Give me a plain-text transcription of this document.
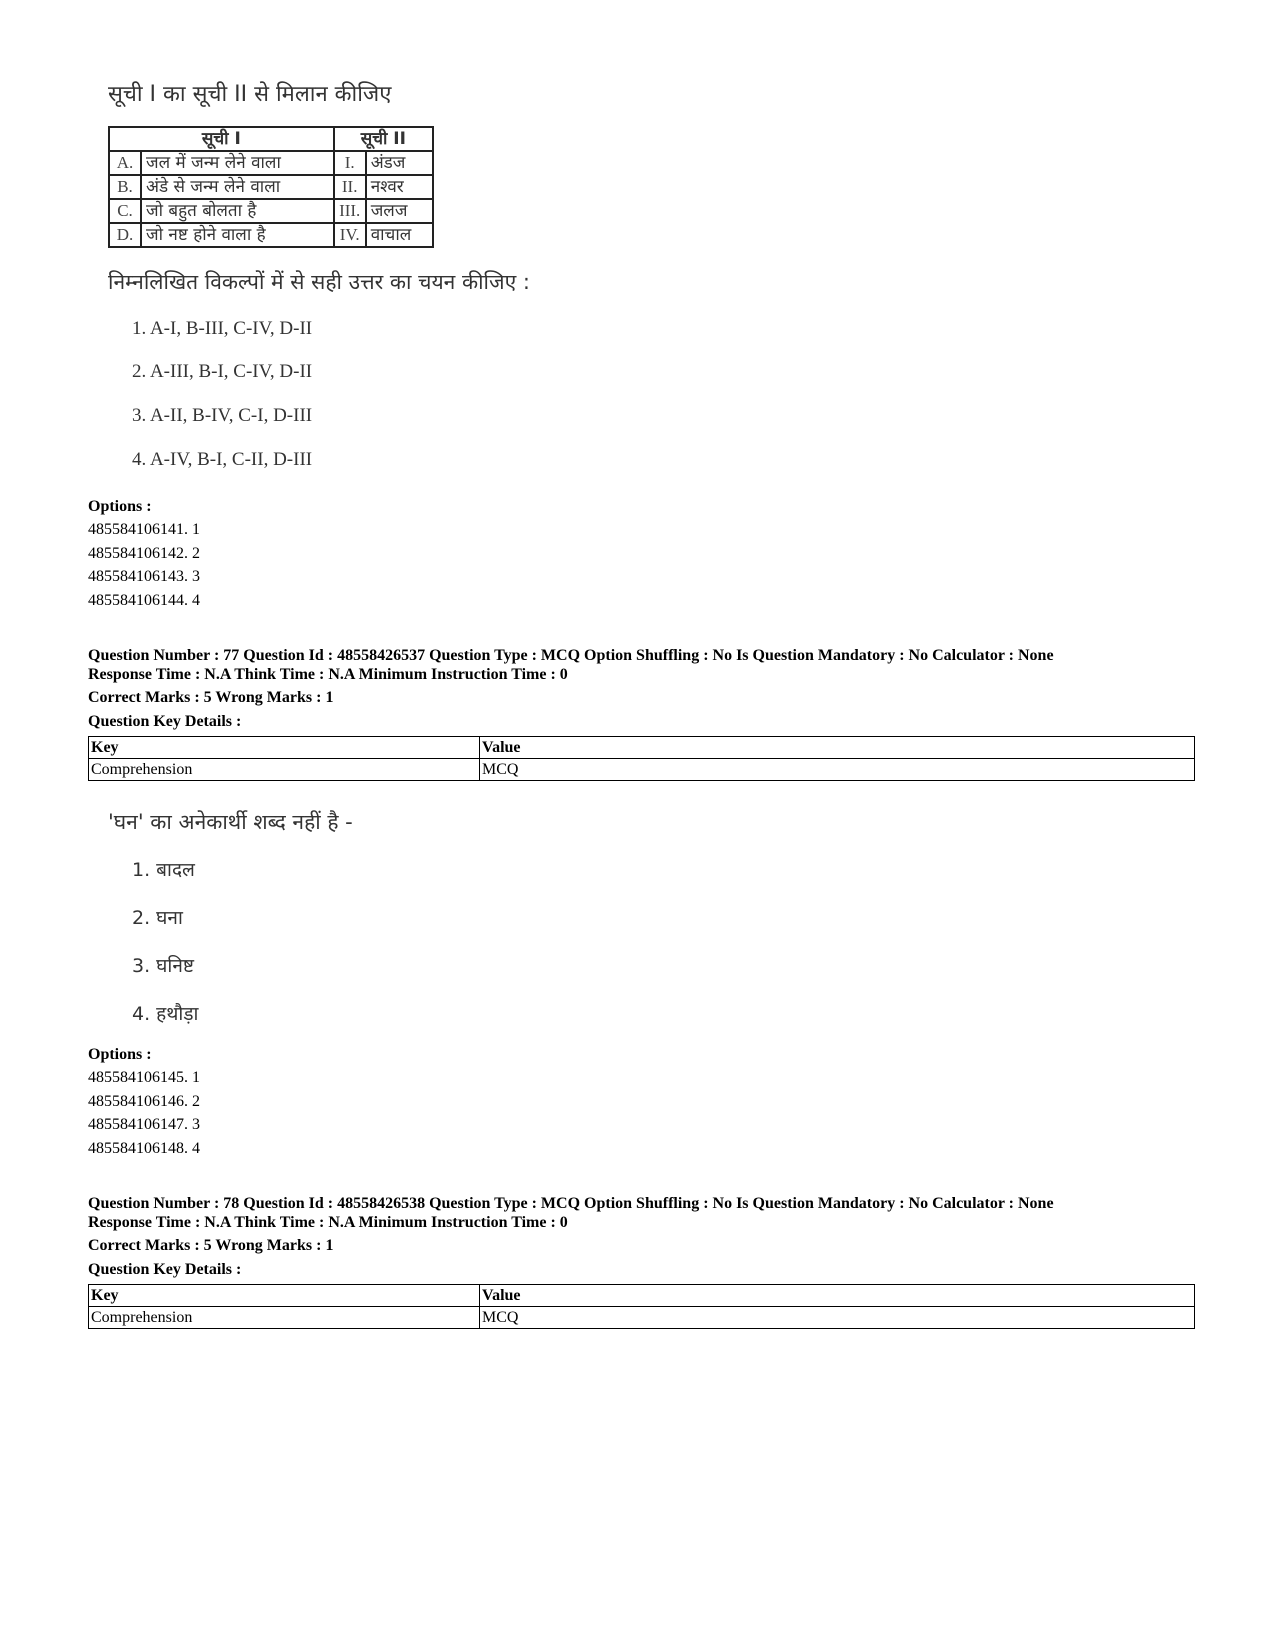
सूची I का सूची II से मिलान कीजिए
सूची I		सूची II	
A.	जल में जन्म लेने वाला	I.	अंडज
B.	अंडे से जन्म लेने वाला	II.	नश्वर
C.	जो बहुत बोलता है	III.	जलज
D.	जो नष्ट होने वाला है	IV.	वाचाल
निम्नलिखित विकल्पों में से सही उत्तर का चयन कीजिए :
1. A-I, B-III, C-IV, D-II
2. A-III, B-I, C-IV, D-II
3. A-II, B-IV, C-I, D-III
4. A-IV, B-I, C-II, D-III
Options :
485584106141. 1
485584106142. 2
485584106143. 3
485584106144. 4
Question Number : 77 Question Id : 48558426537 Question Type : MCQ Option Shuffling : No Is Question Mandatory : No Calculator : None
Response Time : N.A Think Time : N.A Minimum Instruction Time : 0
Correct Marks : 5 Wrong Marks : 1
Question Key Details :
Key	Value
Comprehension	MCQ
'घन' का अनेकार्थी शब्द नहीं है -
1. बादल
2. घना
3. घनिष्ट
4. हथौड़ा
Options :
485584106145. 1
485584106146. 2
485584106147. 3
485584106148. 4
Question Number : 78 Question Id : 48558426538 Question Type : MCQ Option Shuffling : No Is Question Mandatory : No Calculator : None
Response Time : N.A Think Time : N.A Minimum Instruction Time : 0
Correct Marks : 5 Wrong Marks : 1
Question Key Details :
Key	Value
Comprehension	MCQ
